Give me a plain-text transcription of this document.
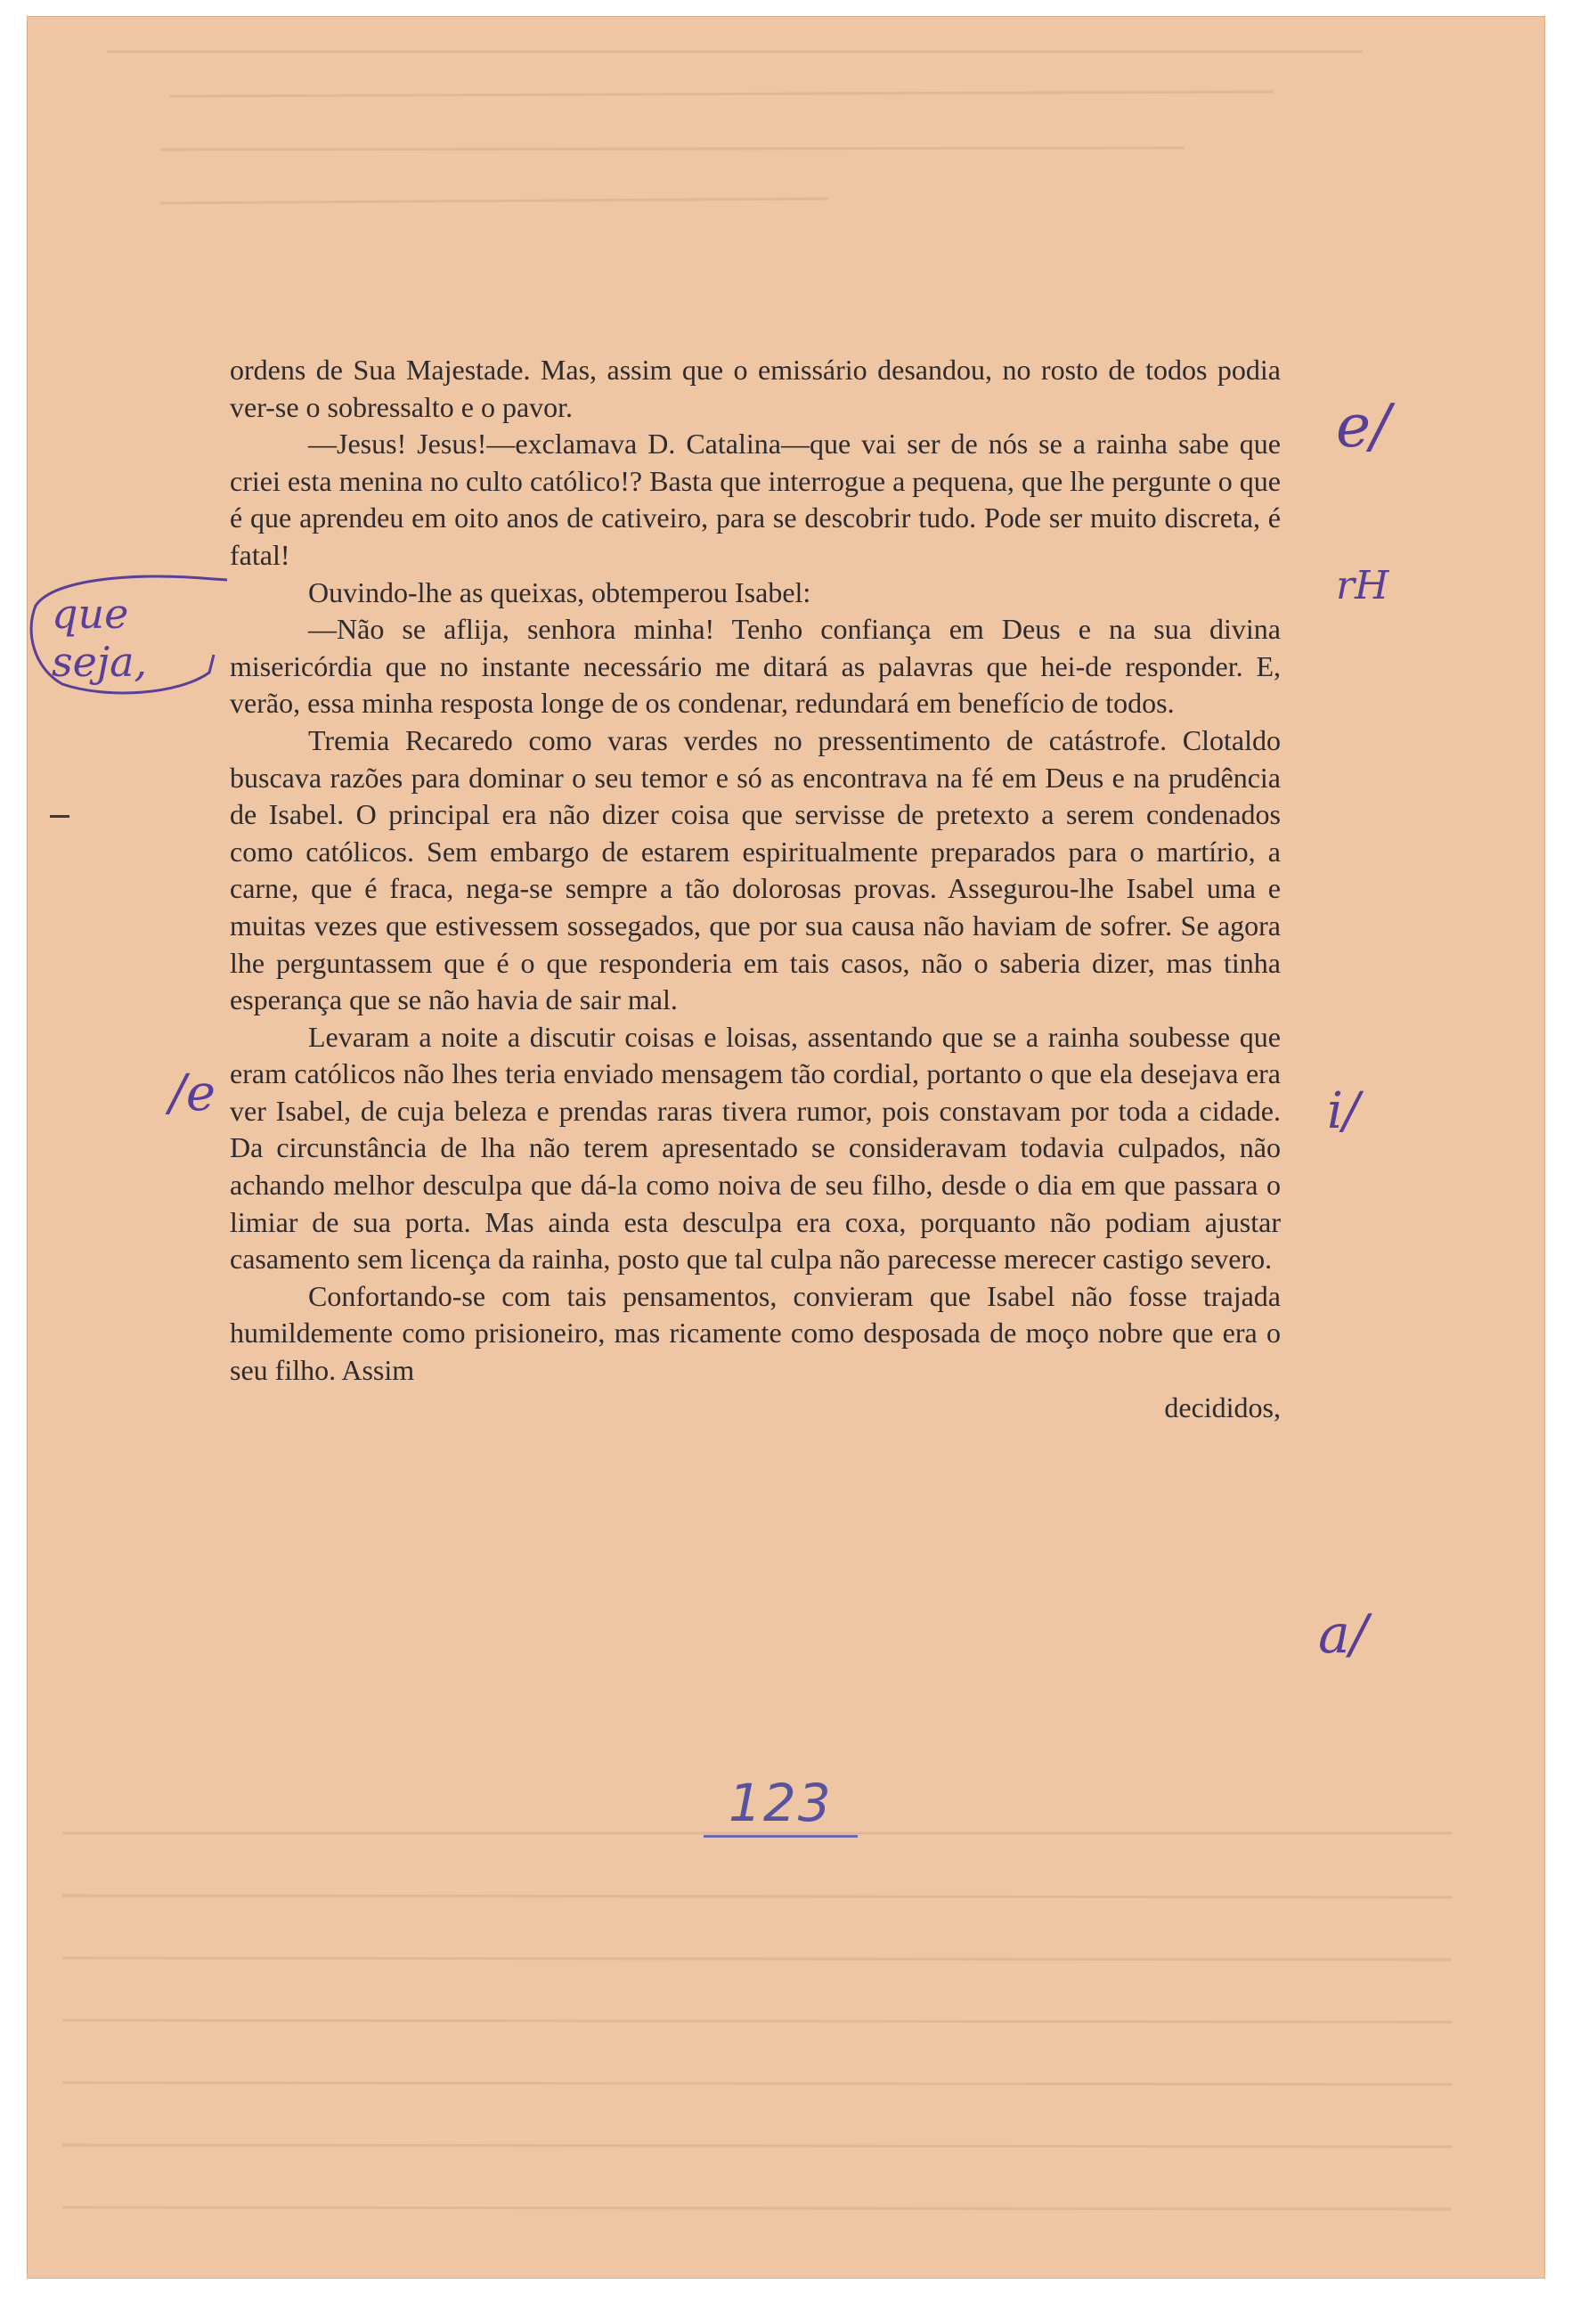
ordens de Sua Majestade. Mas, assim que o emissário desandou, no rosto de todos podia ver-se o sobressalto e o pavor.

—Jesus! Jesus!—exclamava D. Catalina—que vai ser de nós se a rainha sabe que criei esta menina no culto católico!? Basta que interrogue a pequena, que lhe pergunte o que é que aprendeu em oito anos de cativeiro, para se descobrir tudo. Pode ser muito discreta, é fatal!

Ouvindo-lhe as queixas, obtemperou Isabel:

—Não se aflija, senhora minha! Tenho confiança em Deus e na sua divina misericórdia que no instante necessário me ditará as palavras que hei-de responder. E, verão, essa minha resposta longe de os condenar, redundará em benefício de todos.

Tremia Recaredo como varas verdes no pressentimento de catástrofe. Clotaldo buscava razões para dominar o seu temor e só as encontrava na fé em Deus e na prudência de Isabel. O principal era não dizer coisa que servisse de pretexto a serem condenados como católicos. Sem embargo de estarem espiritualmente preparados para o martírio, a carne, que é fraca, nega-se sempre a tão dolorosas provas. Assegurou-lhe Isabel uma e muitas vezes que estivessem sossegados, que por sua causa não haviam de sofrer. Se agora lhe perguntassem que é o que responderia em tais casos, não o saberia dizer, mas tinha esperança que se não havia de sair mal.

Levaram a noite a discutir coisas e loisas, assentando que se a rainha soubesse que eram católicos não lhes teria enviado mensagem tão cordial, portanto o que ela desejava era ver Isabel, de cuja beleza e prendas raras tivera rumor, pois constavam por toda a cidade. Da circunstância de lha não terem apresentado se consideravam todavia culpados, não achando melhor desculpa que dá-la como noiva de seu filho, desde o dia em que passara o limiar de sua porta. Mas ainda esta desculpa era coxa, porquanto não podiam ajustar casamento sem licença da rainha, posto que tal culpa não parecesse merecer castigo severo.

Confortando-se com tais pensamentos, convieram que Isabel não fosse trajada humildemente como prisioneiro, mas ricamente como desposada de moço nobre que era o seu filho. Assim

decididos,

123
que seja,
e/
rH
/e	i/
a/
